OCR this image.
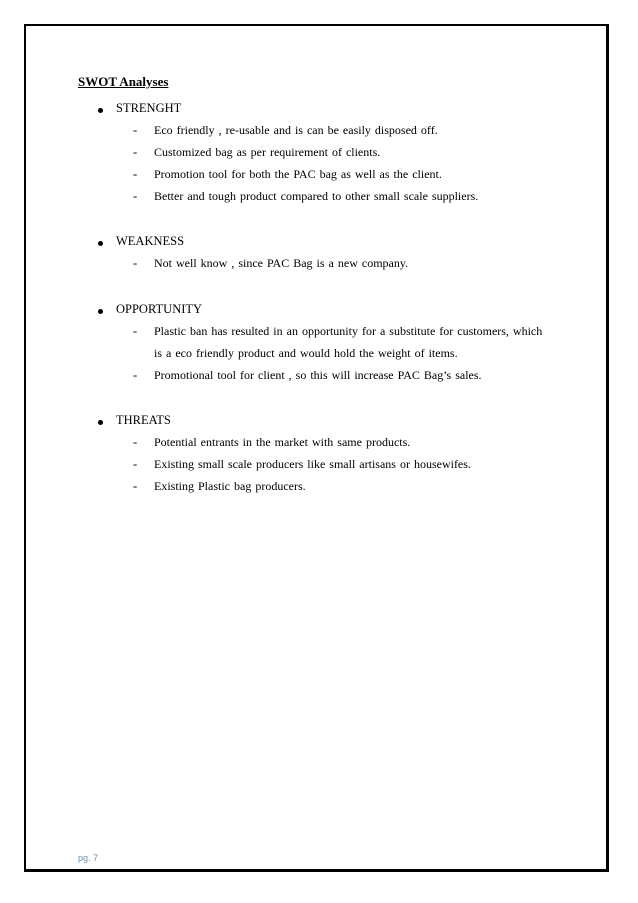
SWOT Analyses
STRENGHT
- Eco friendly , re-usable and is can be easily disposed off.
- Customized bag as per requirement of clients.
- Promotion tool for both the PAC bag as well as the client.
- Better and tough product compared to other small scale suppliers.
WEAKNESS
- Not well know , since PAC Bag is a new company.
OPPORTUNITY
- Plastic ban has resulted in an opportunity for a substitute for customers, which
is a eco friendly product and would hold the weight of items.
- Promotional tool for client , so this will increase PAC Bag’s sales.
THREATS
- Potential entrants in the market with same products.
- Existing small scale producers like small artisans or housewifes.
- Existing Plastic bag producers.
pg. 7
